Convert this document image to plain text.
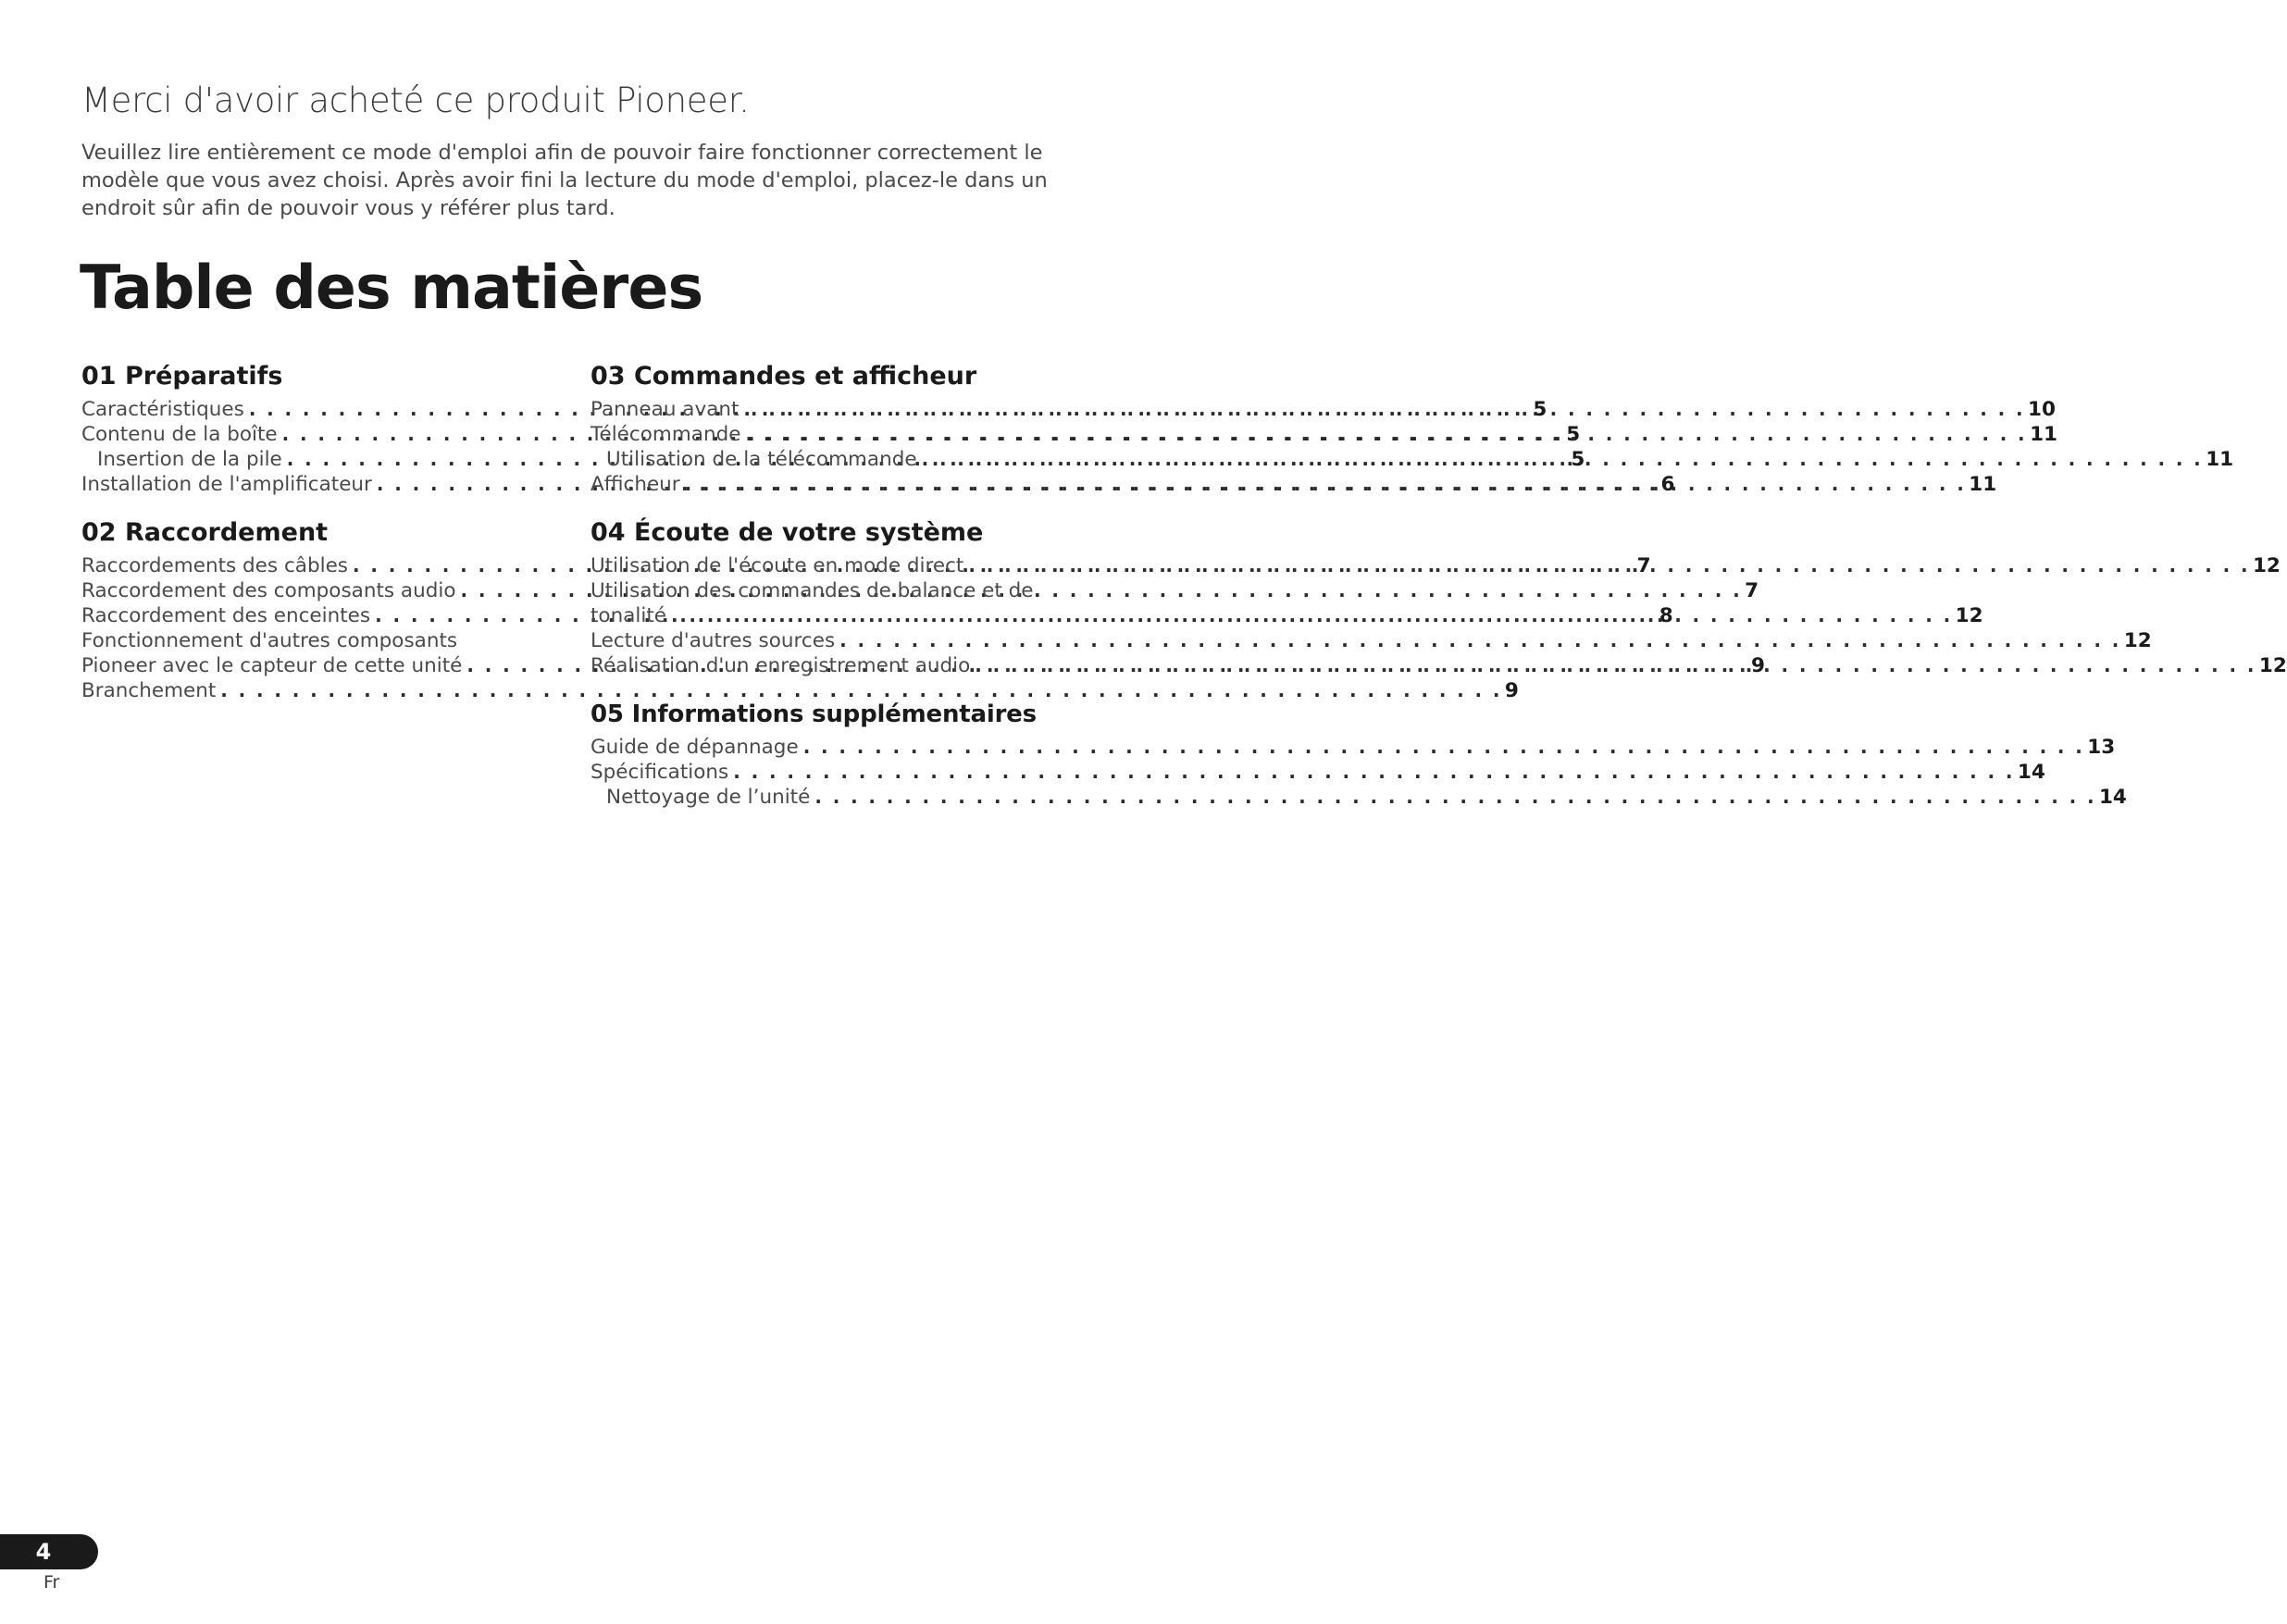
Merci d'avoir acheté ce produit Pioneer.

Veuillez lire entièrement ce mode d'emploi afin de pouvoir faire fonctionner correctement le
modèle que vous avez choisi. Après avoir fini la lecture du mode d'emploi, placez-le dans un
endroit sûr afin de pouvoir vous y référer plus tard.

Table des matières
01 Préparatifs
Caractéristiques . . .	5
Contenu de la boîte . . .	5
Insertion de la pile . . .	5
Installation de l'amplificateur . . .	6
02 Raccordement
Raccordements des câbles . . .	7
Raccordement des composants audio . . .	7
Raccordement des enceintes . . .	8
Fonctionnement d'autres composants
Pioneer avec le capteur de cette unité . . .	9
Branchement . . .	9
03 Commandes et afficheur
Panneau avant . . .	10
Télécommande . . .	11
Utilisation de la télécommande . . .	11
Afficheur . . .	11
04 Écoute de votre système
Utilisation de l'écoute en mode direct . . .	12
Utilisation des commandes de balance et de
tonalité . . .	12
Lecture d'autres sources . . .	12
Réalisation d'un enregistrement audio . . .	12
05 Informations supplémentaires
Guide de dépannage . . .	13
Spécifications . . .	14
Nettoyage de l’unité . . .	14
4
Fr
